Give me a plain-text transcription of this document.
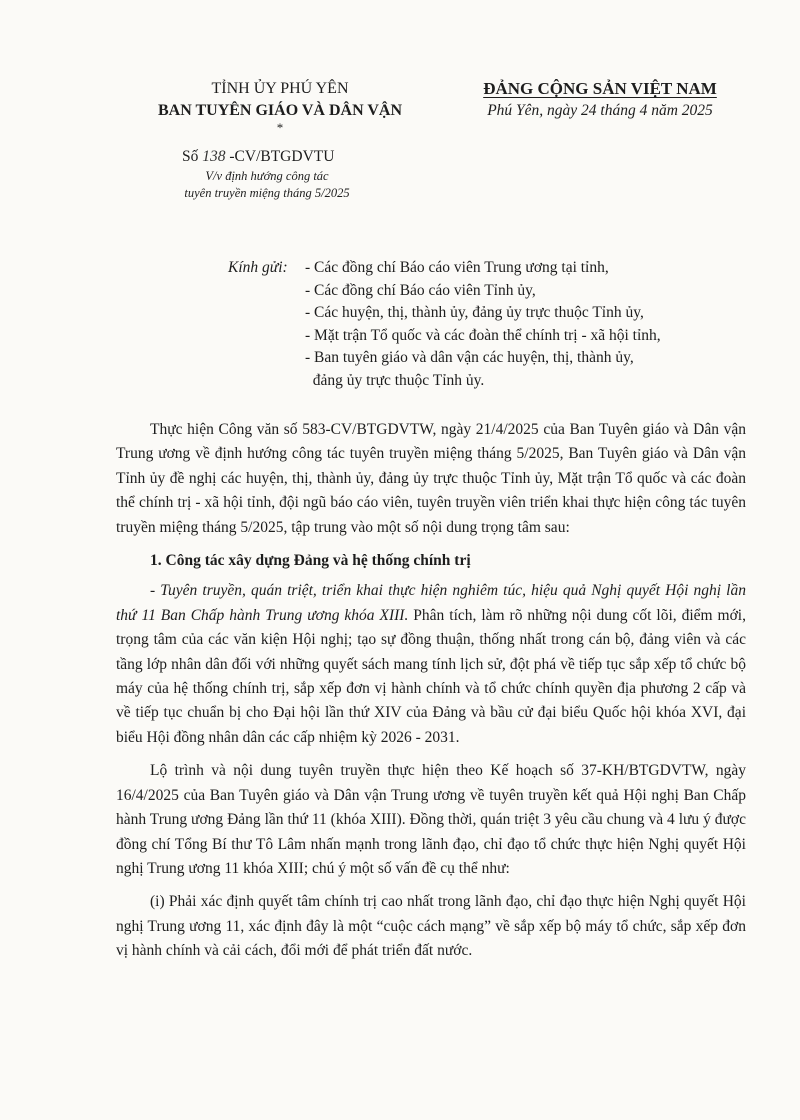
TỈNH ỦY PHÚ YÊN
BAN TUYÊN GIÁO VÀ DÂN VẬN
*
ĐẢNG CỘNG SẢN VIỆT NAM
Phú Yên, ngày 24 tháng 4 năm 2025
Số 138 -CV/BTGDVTU
V/v định hướng công tác
tuyên truyền miệng tháng 5/2025
Kính gửi:	- Các đồng chí Báo cáo viên Trung ương tại tỉnh,
- Các đồng chí Báo cáo viên Tỉnh ủy,
- Các huyện, thị, thành ủy, đảng ủy trực thuộc Tỉnh ủy,
- Mặt trận Tổ quốc và các đoàn thể chính trị - xã hội tỉnh,
- Ban tuyên giáo và dân vận các huyện, thị, thành ủy,
đảng ủy trực thuộc Tỉnh ủy.

Thực hiện Công văn số 583-CV/BTGDVTW, ngày 21/4/2025 của Ban Tuyên giáo và Dân vận Trung ương về định hướng công tác tuyên truyền miệng tháng 5/2025, Ban Tuyên giáo và Dân vận Tỉnh ủy đề nghị các huyện, thị, thành ủy, đảng ủy trực thuộc Tỉnh ủy, Mặt trận Tổ quốc và các đoàn thể chính trị - xã hội tỉnh, đội ngũ báo cáo viên, tuyên truyền viên triển khai thực hiện công tác tuyên truyền miệng tháng 5/2025, tập trung vào một số nội dung trọng tâm sau:

1. Công tác xây dựng Đảng và hệ thống chính trị

- Tuyên truyền, quán triệt, triển khai thực hiện nghiêm túc, hiệu quả Nghị quyết Hội nghị lần thứ 11 Ban Chấp hành Trung ương khóa XIII. Phân tích, làm rõ những nội dung cốt lõi, điểm mới, trọng tâm của các văn kiện Hội nghị; tạo sự đồng thuận, thống nhất trong cán bộ, đảng viên và các tầng lớp nhân dân đối với những quyết sách mang tính lịch sử, đột phá về tiếp tục sắp xếp tổ chức bộ máy của hệ thống chính trị, sắp xếp đơn vị hành chính và tổ chức chính quyền địa phương 2 cấp và về tiếp tục chuẩn bị cho Đại hội lần thứ XIV của Đảng và bầu cử đại biểu Quốc hội khóa XVI, đại biểu Hội đồng nhân dân các cấp nhiệm kỳ 2026 - 2031.

Lộ trình và nội dung tuyên truyền thực hiện theo Kế hoạch số 37-KH/BTGDVTW, ngày 16/4/2025 của Ban Tuyên giáo và Dân vận Trung ương về tuyên truyền kết quả Hội nghị Ban Chấp hành Trung ương Đảng lần thứ 11 (khóa XIII). Đồng thời, quán triệt 3 yêu cầu chung và 4 lưu ý được đồng chí Tổng Bí thư Tô Lâm nhấn mạnh trong lãnh đạo, chỉ đạo tổ chức thực hiện Nghị quyết Hội nghị Trung ương 11 khóa XIII; chú ý một số vấn đề cụ thể như:

(i) Phải xác định quyết tâm chính trị cao nhất trong lãnh đạo, chỉ đạo thực hiện Nghị quyết Hội nghị Trung ương 11, xác định đây là một “cuộc cách mạng” về sắp xếp bộ máy tổ chức, sắp xếp đơn vị hành chính và cải cách, đổi mới để phát triển đất nước.
